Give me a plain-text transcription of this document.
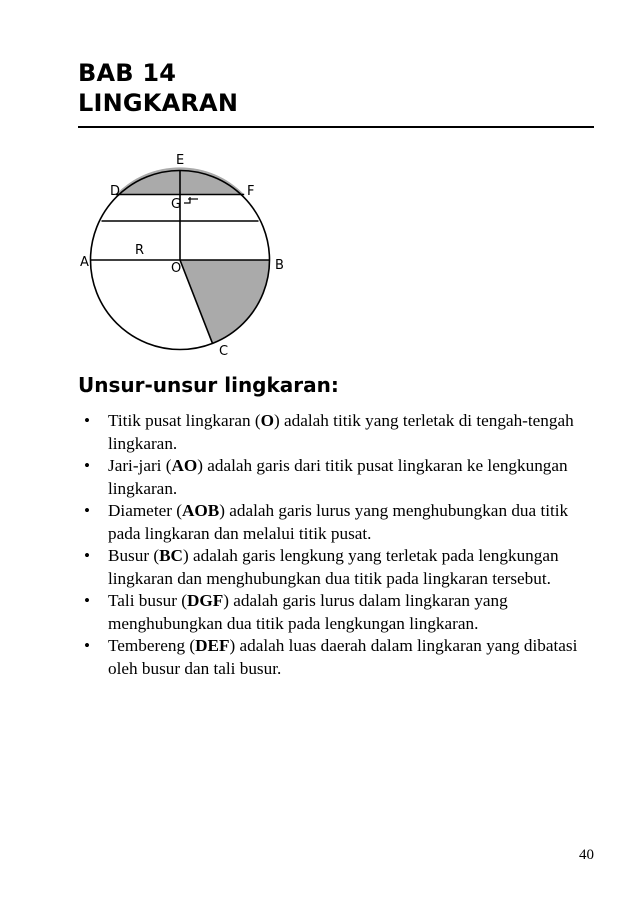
BAB 14
LINGKARAN
E
D	F
G
R
A	O	B
C
Unsur-unsur lingkaran:
• Titik pusat lingkaran (O) adalah titik yang terletak di tengah-tengah lingkaran.
• Jari-jari (AO) adalah garis dari titik pusat lingkaran ke lengkungan lingkaran.
• Diameter (AOB) adalah garis lurus yang menghubungkan dua titik pada lingkaran dan melalui titik pusat.
• Busur (BC) adalah garis lengkung yang terletak pada lengkungan lingkaran dan menghubungkan dua titik pada lingkaran tersebut.
• Tali busur (DGF) adalah garis lurus dalam lingkaran yang menghubungkan dua titik pada lengkungan lingkaran.
• Tembereng (DEF) adalah luas daerah dalam lingkaran yang dibatasi oleh busur dan tali busur.
40
